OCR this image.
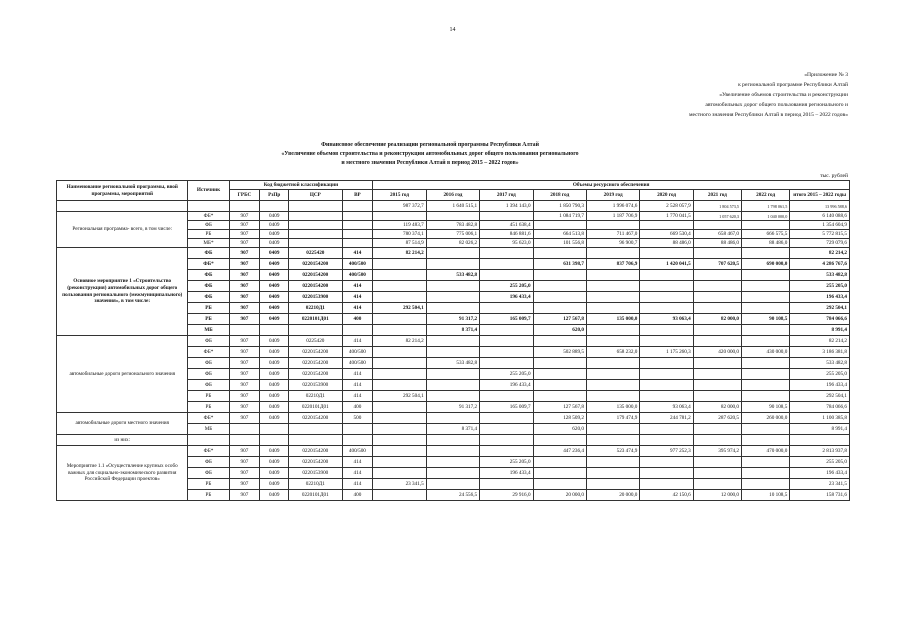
14
«Приложение № 3
к региональной программе Республики Алтай
«Увеличение объемов строительства и реконструкции
автомобильных дорог общего пользования регионального и
местного значения Республики Алтай в период 2015 – 2022 годов»
Финансовое обеспечение реализации региональной программы Республики Алтай
«Увеличение объемов строительства и реконструкции автомобильных дорог общего пользования регионального
и местного значения Республики Алтай в период 2015 – 2022 годов»
тыс. рублей
Наименование региональной программы, ввой программы, мероприятий	Источник	Код бюджетной классификации				Объемы ресурсного обеспечения								
		ГРБС	РзПр	ЦСР	ВР	2015 год	2016 год	2017 год	2018 год	2019 год	2020 год	2021 год	2022 год	итого 2015 – 2022 годы
						987 372,7	1 640 515,1	1 394 143,0	1 850 790,3	1 996 074,6	2 528 057,9	1 804 573,5	1 798 061,5	13 996 588,6
Региональная программа- всего, в том числе:	ФБ*	907	0409						1 084 719,7	1 187 706,9	1 770 041,5	1 057 620,3	1 040 000,0	6 140 088,6
	ФБ	907	0409			119 483,7	783 482,8	451 638,4						1 354 604,9
	РБ	907	0409			780 374,1	775 006,1	846 881,6	664 513,8	711 467,0	669 530,4	658 467,0	666 575,5	5 772 815,5
	МБ*	907	0409			87 514,9	82 026,2	95 623,0	101 556,8	96 900,7	88 486,0	88 486,0	88 486,0	729 079,6
Основное мероприятие 1 «Строительство (реконструкция) автомобильных дорог общего пользования регионального (межмуниципального) значения», в том числе:	ФБ	907	0409	0225420	414	82 214,2								82 214,2
	ФБ*	907	0409	0220154200	400/500				631 398,7	837 706,9	1 420 041,5	707 620,5	690 000,0	4 286 767,6
	ФБ	907	0409	0220154200	400/500		533 482,8							533 482,8
	ФБ	907	0409	0220154200	414			255 205,0						255 205,0
	ФБ	907	0409	0220153900	414			196 433,4						196 433,4
	РБ	907	0409	02210Д1	414	292 504,1								292 504,1
	РБ	907	0409	0220101Д01	400		91 317,2	165 009,7	127 567,8	135 000,0	93 063,4	82 000,0	90 108,5	784 066,6
	МБ						8 371,4		620,0					8 991,4
автомобильные дороги регионального значения	ФБ	907	0409	0225420	414	82 214,2								82 214,2
	ФБ*	907	0409	0220154200	400/500				502 889,5	658 232,0	1 175 260,3	420 000,0	430 000,0	3 186 381,8
	ФБ	907	0409	0220154200	400/500		533 482,8							533 482,8
	ФБ	907	0409	0220154200	414			255 205,0						255 205,0
	ФБ	907	0409	0220153900	414			196 433,4						196 433,4
	РБ	907	0409	02210Д1	414	292 504,1								292 504,1
	РБ	907	0409	0220101Д01	400		91 317,2	165 009,7	127 567,8	135 000,0	93 063,4	82 000,0	90 108,5	784 066,6
автомобильные дороги местного значения	ФБ*	907	0409	0220154200	500				128 509,2	179 474,9	244 781,2	287 620,5	260 000,0	1 100 385,8
	МБ						8 371,4		620,0					8 991,4
из них:														
Мероприятие 1.1 «Осуществление крупных особо важных для социально-экономического развития Российской Федерации проектов»	ФБ*	907	0409	0220154200	400/500				447 236,4	523 474,9	977 252,3	395 974,2	470 000,0	2 813 937,8
	ФБ	907	0409	0220154200	414			255 205,0						255 205,0
	ФБ	907	0409	0220153900	414			196 433,4						196 433,4
	РБ	907	0409	02210Д1	414	23 341,5								23 341,5
	РБ	907	0409	0220101Д01	400		24 556,5	29 916,0	20 000,0	20 000,0	42 150,6	12 000,0	10 108,5	158 731,6
